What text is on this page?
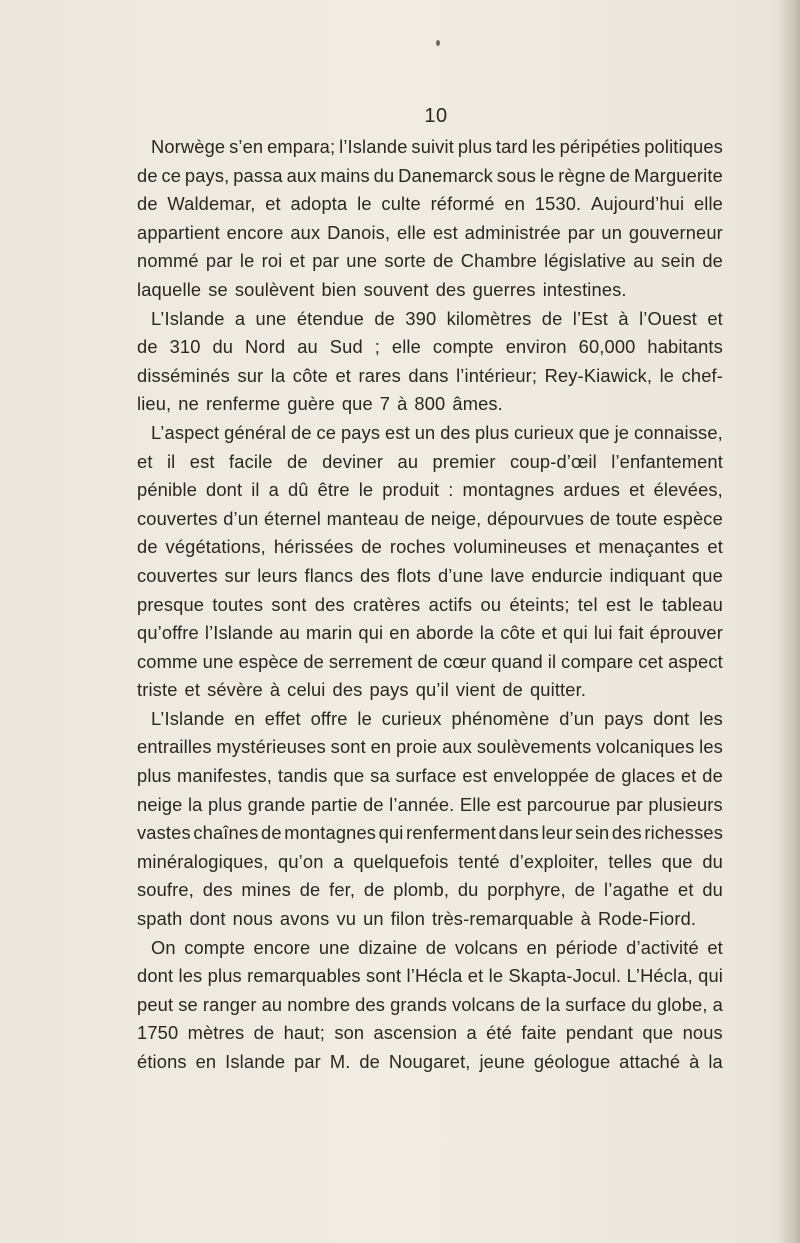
10
Norwège s’en empara; l’Islande suivit plus tard les péripéties politiques
de ce pays, passa aux mains du Danemarck sous le règne de Marguerite
de Waldemar, et adopta le culte réformé en 1530. Aujourd’hui elle
appartient encore aux Danois, elle est administrée par un gouverneur
nommé par le roi et par une sorte de Chambre législative au sein de
laquelle se soulèvent bien souvent des guerres intestines.
L’Islande a une étendue de 390 kilomètres de l’Est à l’Ouest et
de 310 du Nord au Sud ; elle compte environ 60,000 habitants
disséminés sur la côte et rares dans l’intérieur; Rey-Kiawick, le chef-
lieu, ne renferme guère que 7 à 800 âmes.
L’aspect général de ce pays est un des plus curieux que je connaisse,
et il est facile de deviner au premier coup-d’œil l’enfantement
pénible dont il a dû être le produit : montagnes ardues et élevées,
couvertes d’un éternel manteau de neige, dépourvues de toute espèce
de végétations, hérissées de roches volumineuses et menaçantes et
couvertes sur leurs flancs des flots d’une lave endurcie indiquant que
presque toutes sont des cratères actifs ou éteints; tel est le tableau
qu’offre l’Islande au marin qui en aborde la côte et qui lui fait éprouver
comme une espèce de serrement de cœur quand il compare cet aspect
triste et sévère à celui des pays qu’il vient de quitter.
L’Islande en effet offre le curieux phénomène d’un pays dont les
entrailles mystérieuses sont en proie aux soulèvements volcaniques les
plus manifestes, tandis que sa surface est enveloppée de glaces et de
neige la plus grande partie de l’année. Elle est parcourue par plusieurs
vastes chaînes de montagnes qui renferment dans leur sein des richesses
minéralogiques, qu’on a quelquefois tenté d’exploiter, telles que du
soufre, des mines de fer, de plomb, du porphyre, de l’agathe et du
spath dont nous avons vu un filon très-remarquable à Rode-Fiord.
On compte encore une dizaine de volcans en période d’activité et
dont les plus remarquables sont l’Hécla et le Skapta-Jocul. L’Hécla, qui
peut se ranger au nombre des grands volcans de la surface du globe, a
1750 mètres de haut; son ascension a été faite pendant que nous
étions en Islande par M. de Nougaret, jeune géologue attaché à la
